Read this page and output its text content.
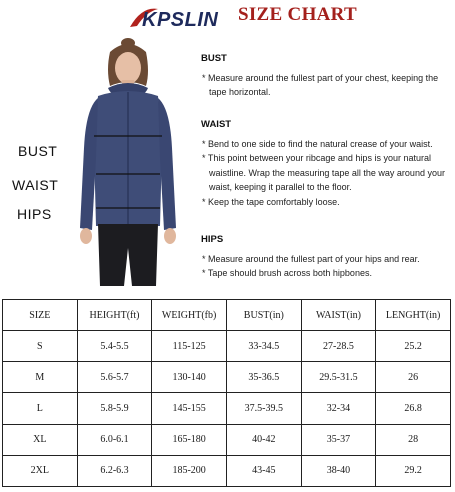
KPSLIN SIZE CHART
BUST
WAIST
HIPS
BUST
* Measure around the fullest part of your chest, keeping the tape horizontal.
WAIST
* Bend to one side to find the natural crease of your waist.
* This point between your ribcage and hips is your natural waistline. Wrap the measuring tape all the way around your waist, keeping it parallel to the floor.
* Keep the tape comfortably loose.
HIPS
* Measure around the fullest part of your hips and rear.
* Tape should brush across both hipbones.
SIZE	HEIGHT(ft)	WEIGHT(fb)	BUST(in)	WAIST(in)	LENGHT(in)
S	5.4-5.5	115-125	33-34.5	27-28.5	25.2
M	5.6-5.7	130-140	35-36.5	29.5-31.5	26
L	5.8-5.9	145-155	37.5-39.5	32-34	26.8
XL	6.0-6.1	165-180	40-42	35-37	28
2XL	6.2-6.3	185-200	43-45	38-40	29.2
